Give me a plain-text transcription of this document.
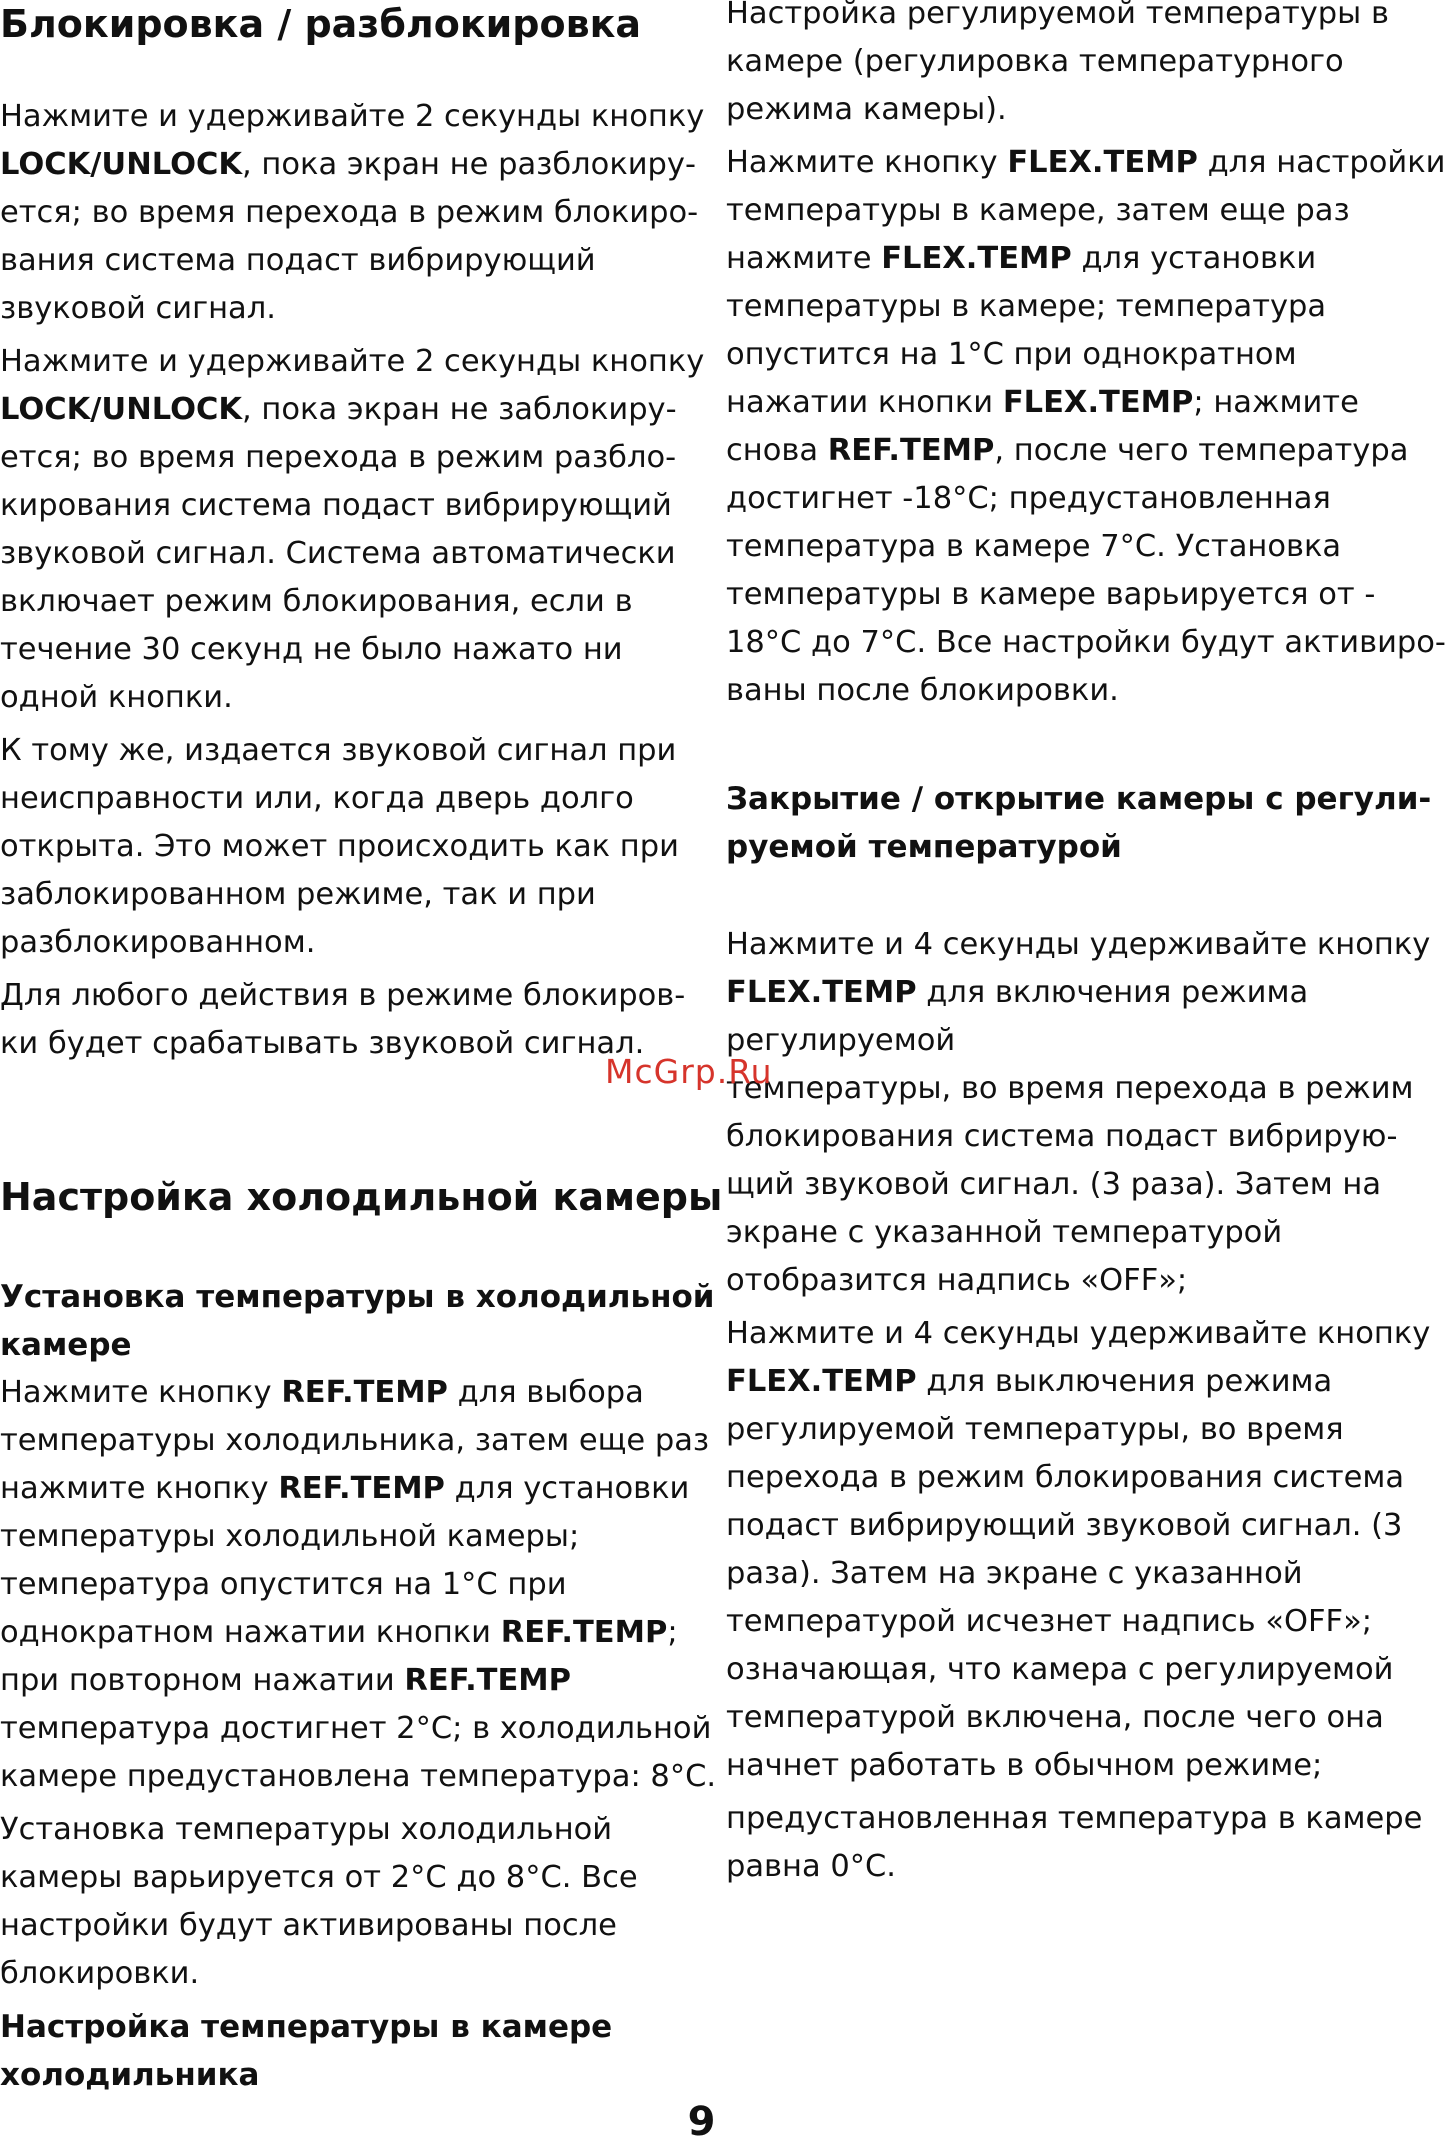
Блокировка / разблокировка

Нажмите и удерживайте 2 секунды кнопку
LOCK/UNLOCK, пока экран не разблокиру-
ется; во время перехода в режим блокиро-
вания система подаст вибрирующий
звуковой сигнал.

Нажмите и удерживайте 2 секунды кнопку
LOCK/UNLOCK, пока экран не заблокиру-
ется; во время перехода в режим разбло-
кирования система подаст вибрирующий
звуковой сигнал. Система автоматически
включает режим блокирования, если в
течение 30 секунд не было нажато ни
одной кнопки.

К тому же, издается звуковой сигнал при
неисправности или, когда дверь долго
открыта. Это может происходить как при
заблокированном режиме, так и при
разблокированном.

Для любого действия в режиме блокиров-
ки будет срабатывать звуковой сигнал.

Настройка холодильной камеры
Установка температуры в холодильной
камере

Нажмите кнопку REF.TEMP для выбора
температуры холодильника, затем еще раз
нажмите кнопку REF.TEMP для установки
температуры холодильной камеры;
температура опустится на 1°C при
однократном нажатии кнопки REF.TEMP;
при повторном нажатии REF.TEMP
температура достигнет 2°C; в холодильной
камере предустановлена температура: 8°C.

Установка температуры холодильной
камеры варьируется от 2°C до 8°C. Все
настройки будут активированы после
блокировки.

Настройка температуры в камере
холодильника

Настройка регулируемой температуры в
камере (регулировка температурного
режима камеры).

Нажмите кнопку FLEX.TEMP для настройки
температуры в камере, затем еще раз
нажмите FLEX.TEMP для установки
температуры в камере; температура
опустится на 1°C при однократном
нажатии кнопки FLEX.TEMP; нажмите
снова REF.TEMP, после чего температура
достигнет -18°C; предустановленная
температура в камере 7°C. Установка
температуры в камере варьируется от -
18°C до 7°C. Все настройки будут активиро-
ваны после блокировки.

Закрытие / открытие камеры с регули-
руемой температурой

Нажмите и 4 секунды удерживайте кнопку
FLEX.TEMP для включения режима
регулируемой
температуры, во время перехода в режим
блокирования система подаст вибрирую-
щий звуковой сигнал. (3 раза). Затем на
экране с указанной температурой
отобразится надпись «OFF»;

Нажмите и 4 секунды удерживайте кнопку
FLEX.TEMP для выключения режима
регулируемой температуры, во время
перехода в режим блокирования система
подаст вибрирующий звуковой сигнал. (3
раза). Затем на экране с указанной
температурой исчезнет надпись «OFF»;
означающая, что камера с регулируемой
температурой включена, после чего она
начнет работать в обычном режиме;

предустановленная температура в камере
равна 0°C.

McGrp.Ru
9
